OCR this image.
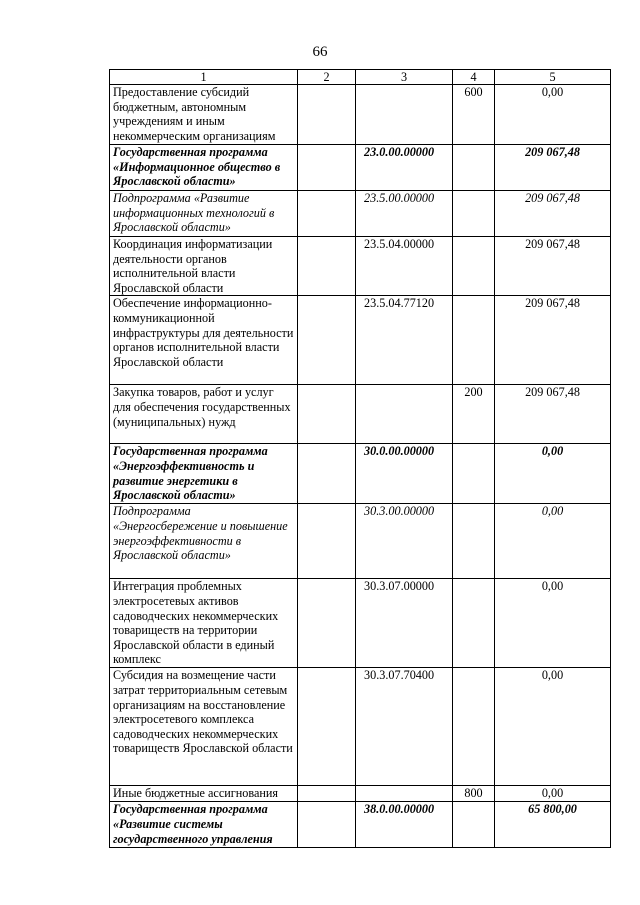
66
1	2	3	4	5
Предоставление субсидий бюджетным, автономным учреждениям и иным некоммерческим организациям			600	0,00
Государственная программа «Информационное общество в Ярославской области»		23.0.00.00000		209 067,48
Подпрограмма «Развитие информационных технологий в Ярославской области»		23.5.00.00000		209 067,48
Координация информатизации деятельности органов исполнительной власти Ярославской области		23.5.04.00000		209 067,48
Обеспечение информационно-коммуникационной инфраструктуры для деятельности органов исполнительной власти Ярославской области		23.5.04.77120		209 067,48
Закупка товаров, работ и услуг для обеспечения государственных (муниципальных) нужд			200	209 067,48
Государственная программа «Энергоэффективность и развитие энергетики в Ярославской области»		30.0.00.00000		0,00
Подпрограмма «Энергосбережение и повышение энергоэффективности в Ярославской области»		30.3.00.00000		0,00
Интеграция проблемных электросетевых активов садоводческих некоммерческих товариществ на территории Ярославской области в единый комплекс		30.3.07.00000		0,00
Субсидия на возмещение части затрат территориальным сетевым организациям на восстановление электросетевого комплекса садоводческих некоммерческих товариществ Ярославской области		30.3.07.70400		0,00
Иные бюджетные ассигнования			800	0,00
Государственная программа «Развитие системы государственного управления		38.0.00.00000		65 800,00
